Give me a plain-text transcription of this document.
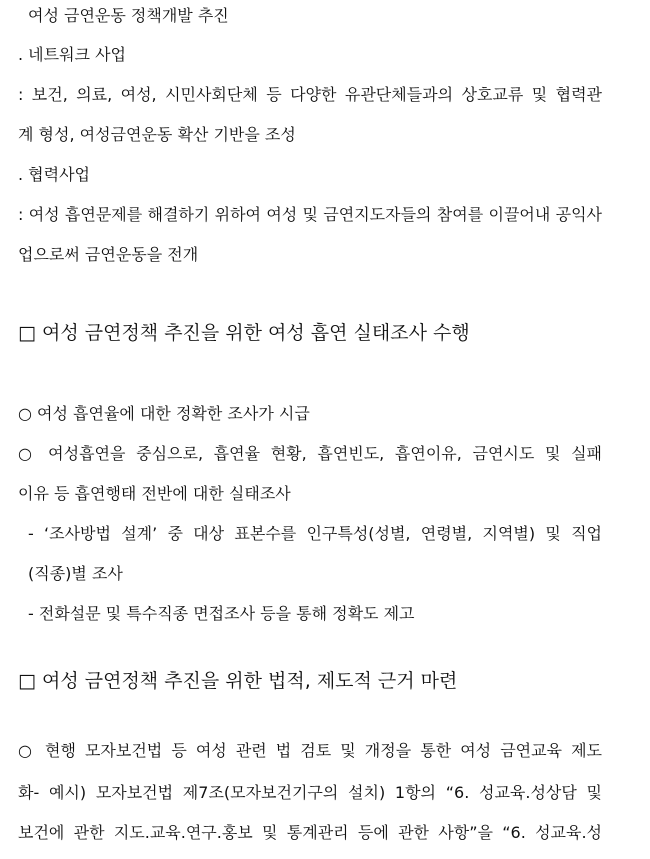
여성 금연운동 정책개발 추진
. 네트워크 사업
: 보건, 의료, 여성, 시민사회단체 등 다양한 유관단체들과의 상호교류 및 협력관
계 형성, 여성금연운동 확산 기반을 조성
. 협력사업
: 여성 흡연문제를 해결하기 위하여 여성 및 금연지도자들의 참여를 이끌어내 공익사
업으로써 금연운동을 전개
□ 여성 금연정책 추진을 위한 여성 흡연 실태조사 수행
○ 여성 흡연율에 대한 정확한 조사가 시급
○ 여성흡연을 중심으로, 흡연율 현황, 흡연빈도, 흡연이유, 금연시도 및 실패
이유 등 흡연행태 전반에 대한 실태조사
- ‘조사방법 설계’ 중 대상 표본수를 인구특성(성별, 연령별, 지역별) 및 직업
(직종)별 조사
- 전화설문 및 특수직종 면접조사 등을 통해 정확도 제고
□ 여성 금연정책 추진을 위한 법적, 제도적 근거 마련
○ 현행 모자보건법 등 여성 관련 법 검토 및 개정을 통한 여성 금연교육 제도
화- 예시) 모자보건법 제7조(모자보건기구의 설치) 1항의 “6. 성교육.성상담 및
보건에 관한 지도.교육.연구.홍보 및 통계관리 등에 관한 사항”을 “6. 성교육.성
